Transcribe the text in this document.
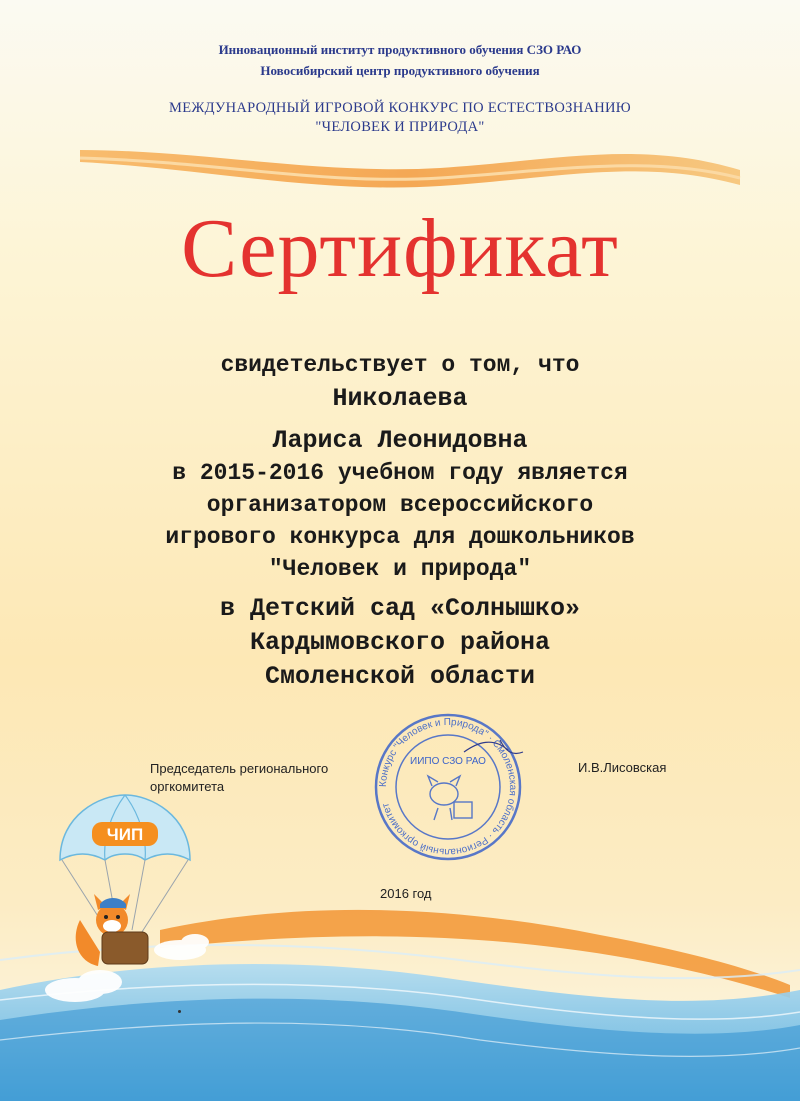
Инновационный институт продуктивного обучения СЗО РАО
Новосибирский центр продуктивного обучения
МЕЖДУНАРОДНЫЙ ИГРОВОЙ КОНКУРС ПО ЕСТЕСТВОЗНАНИЮ
"ЧЕЛОВЕК И ПРИРОДА"
Сертификат
свидетельствует о том, что
Николаева
Лариса Леонидовна
в 2015-2016 учебном году является
организатором всероссийского
игрового конкурса для дошкольников
"Человек и природа"
в Детский сад «Солнышко»
Кардымовского района
Смоленской области
Председатель регионального
оргкомитета
И.В.Лисовская
Конкурс "Человек и Природа" · Смоленская область · Региональный оргкомитет
ИИПО СЗО РАО
2016 год
ЧИП
